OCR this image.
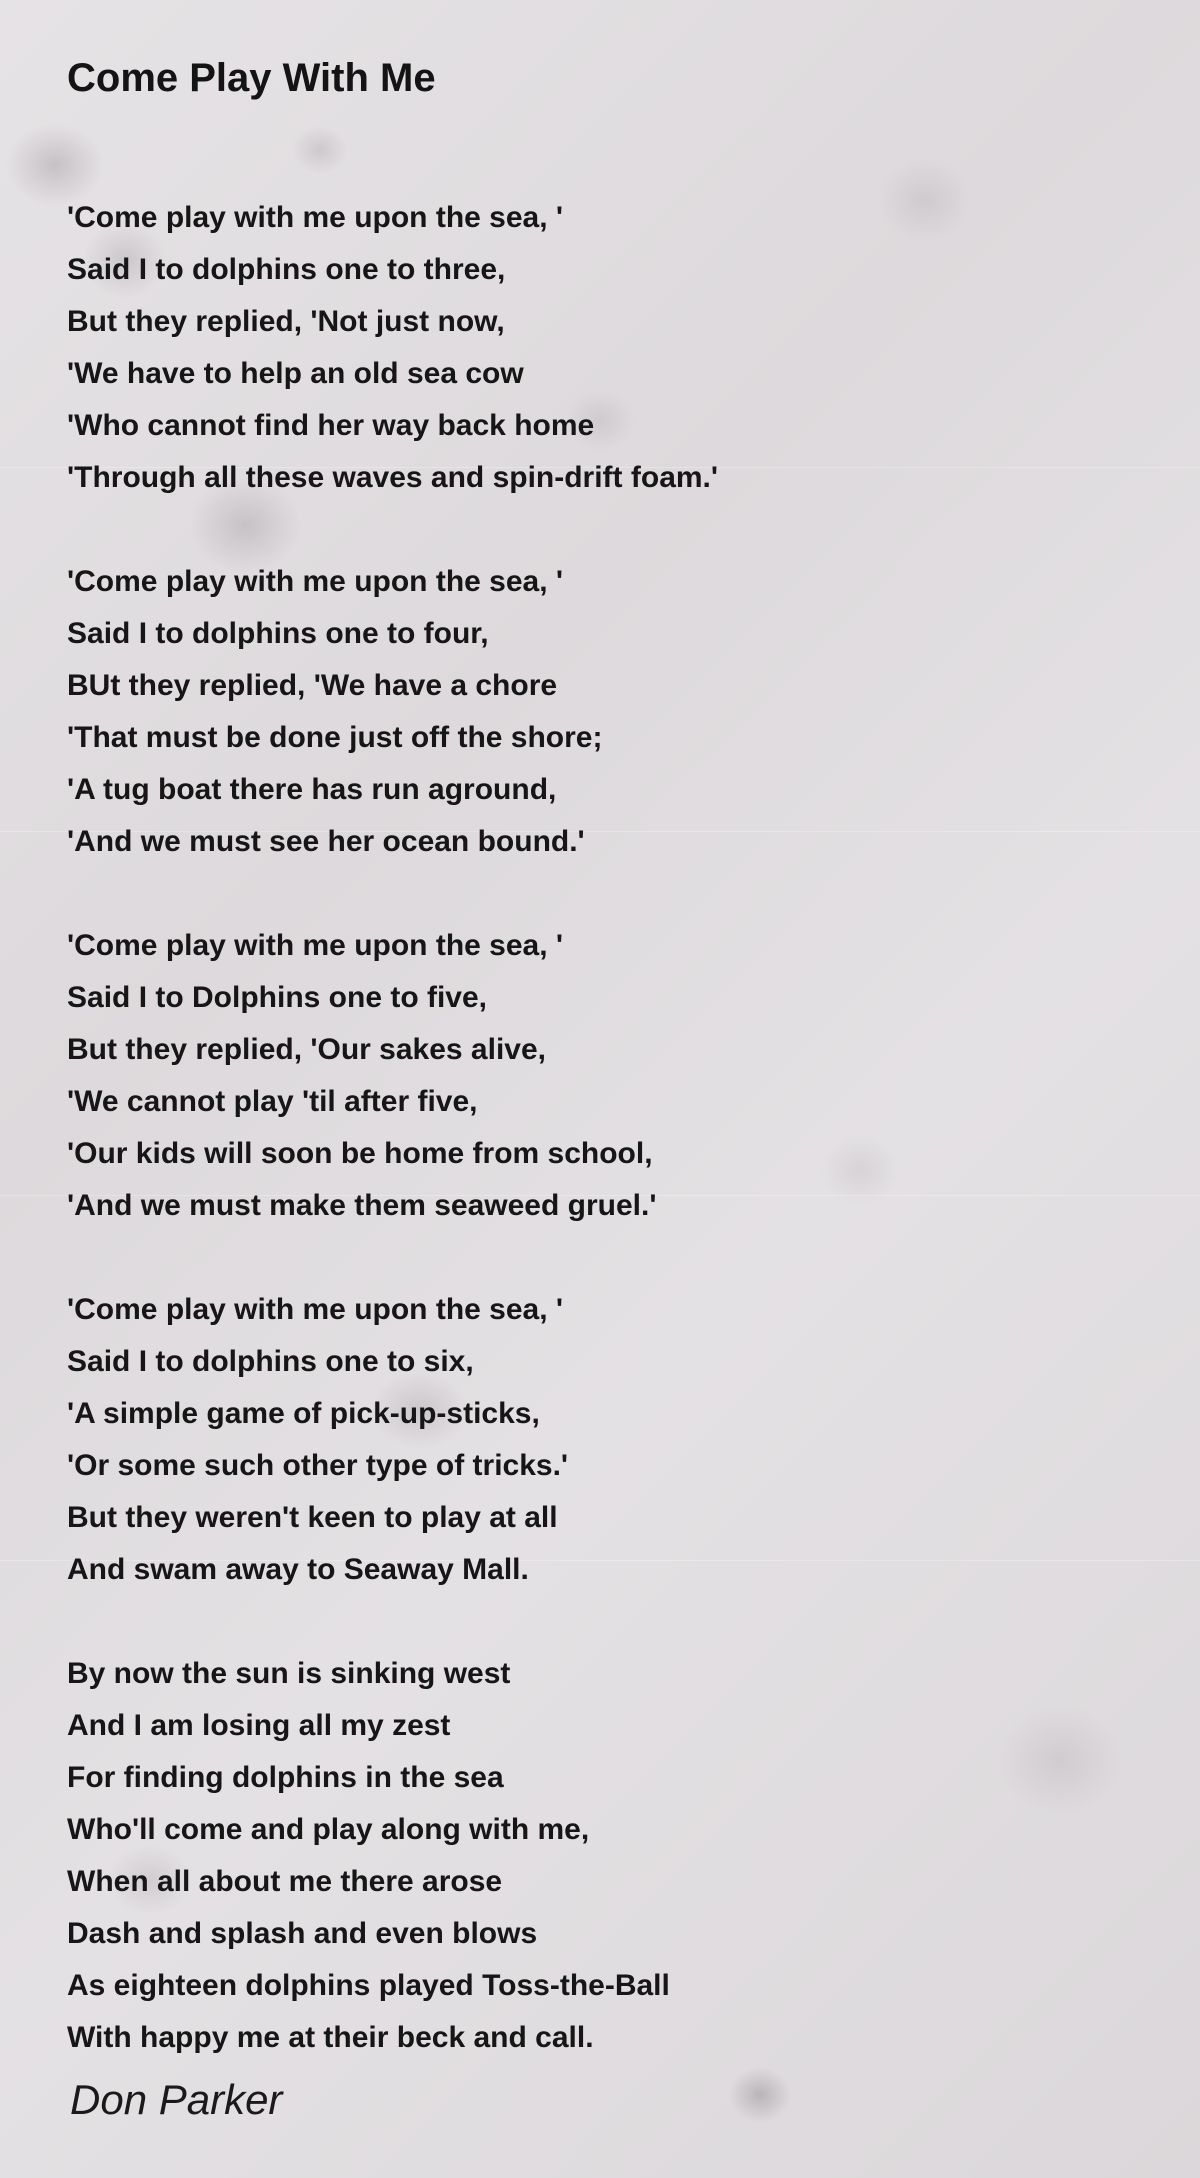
Come Play With Me
'Come play with me upon the sea, '
Said I to dolphins one to three,
But they replied, 'Not just now,
'We have to help an old sea cow
'Who cannot find her way back home
'Through all these waves and spin-drift foam.'
'Come play with me upon the sea, '
Said I to dolphins one to four,
BUt they replied, 'We have a chore
'That must be done just off the shore;
'A tug boat there has run aground,
'And we must see her ocean bound.'
'Come play with me upon the sea, '
Said I to Dolphins one to five,
But they replied, 'Our sakes alive,
'We cannot play 'til after five,
'Our kids will soon be home from school,
'And we must make them seaweed gruel.'
'Come play with me upon the sea, '
Said I to dolphins one to six,
'A simple game of pick-up-sticks,
'Or some such other type of tricks.'
But they weren't keen to play at all
And swam away to Seaway Mall.
By now the sun is sinking west
And I am losing all my zest
For finding dolphins in the sea
Who'll come and play along with me,
When all about me there arose
Dash and splash and even blows
As eighteen dolphins played Toss-the-Ball
With happy me at their beck and call.
Don Parker
